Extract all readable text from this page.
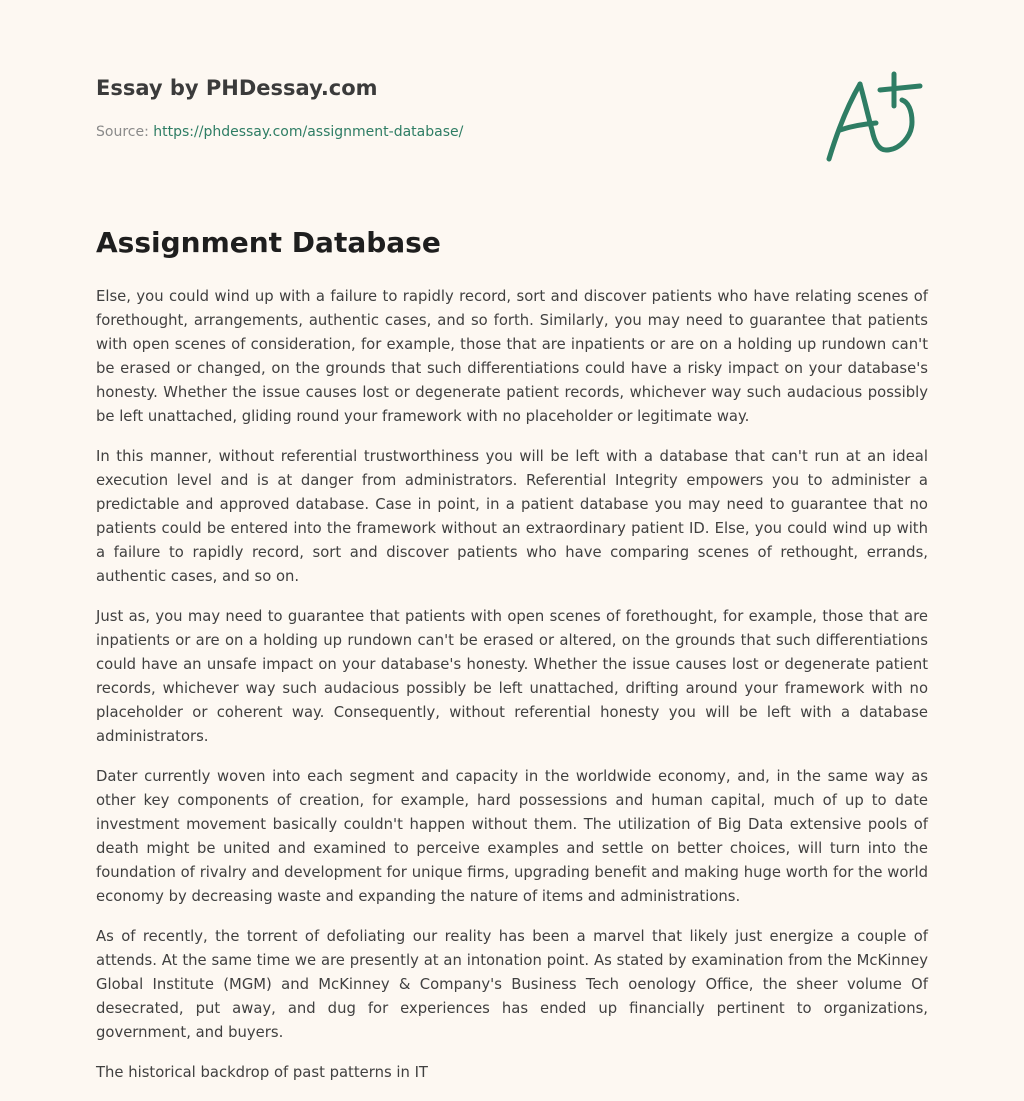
Essay by PHDessay.com
Source: https://phdessay.com/assignment-database/
Assignment Database

Else, you could wind up with a failure to rapidly record, sort and discover patients who have relating scenes of forethought, arrangements, authentic cases, and so forth. Similarly, you may need to guarantee that patients with open scenes of consideration, for example, those that are inpatients or are on a holding up rundown can't be erased or changed, on the grounds that such differentiations could have a risky impact on your database's honesty. Whether the issue causes lost or degenerate patient records, whichever way such audacious possibly be left unattached, gliding round your framework with no placeholder or legitimate way.

In this manner, without referential trustworthiness you will be left with a database that can't run at an ideal execution level and is at danger from administrators. Referential Integrity empowers you to administer a predictable and approved database. Case in point, in a patient database you may need to guarantee that no patients could be entered into the framework without an extraordinary patient ID. Else, you could wind up with a failure to rapidly record, sort and discover patients who have comparing scenes of rethought, errands, authentic cases, and so on.

Just as, you may need to guarantee that patients with open scenes of forethought, for example, those that are inpatients or are on a holding up rundown can't be erased or altered, on the grounds that such differentiations could have an unsafe impact on your database's honesty. Whether the issue causes lost or degenerate patient records, whichever way such audacious possibly be left unattached, drifting around your framework with no placeholder or coherent way. Consequently, without referential honesty you will be left with a database administrators.

Dater currently woven into each segment and capacity in the worldwide economy, and, in the same way as other key components of creation, for example, hard possessions and human capital, much of up to date investment movement basically couldn't happen without them. The utilization of Big Data extensive pools of death might be united and examined to perceive examples and settle on better choices, will turn into the foundation of rivalry and development for unique firms, upgrading benefit and making huge worth for the world economy by decreasing waste and expanding the nature of items and administrations.

As of recently, the torrent of defoliating our reality has been a marvel that likely just energize a couple of attends. At the same time we are presently at an intonation point. As stated by examination from the McKinney Global Institute (MGM) and McKinney & Company's Business Tech oenology Office, the sheer volume Of desecrated, put away, and dug for experiences has ended up financially pertinent to organizations, government, and buyers.

The historical backdrop of past patterns in IT
